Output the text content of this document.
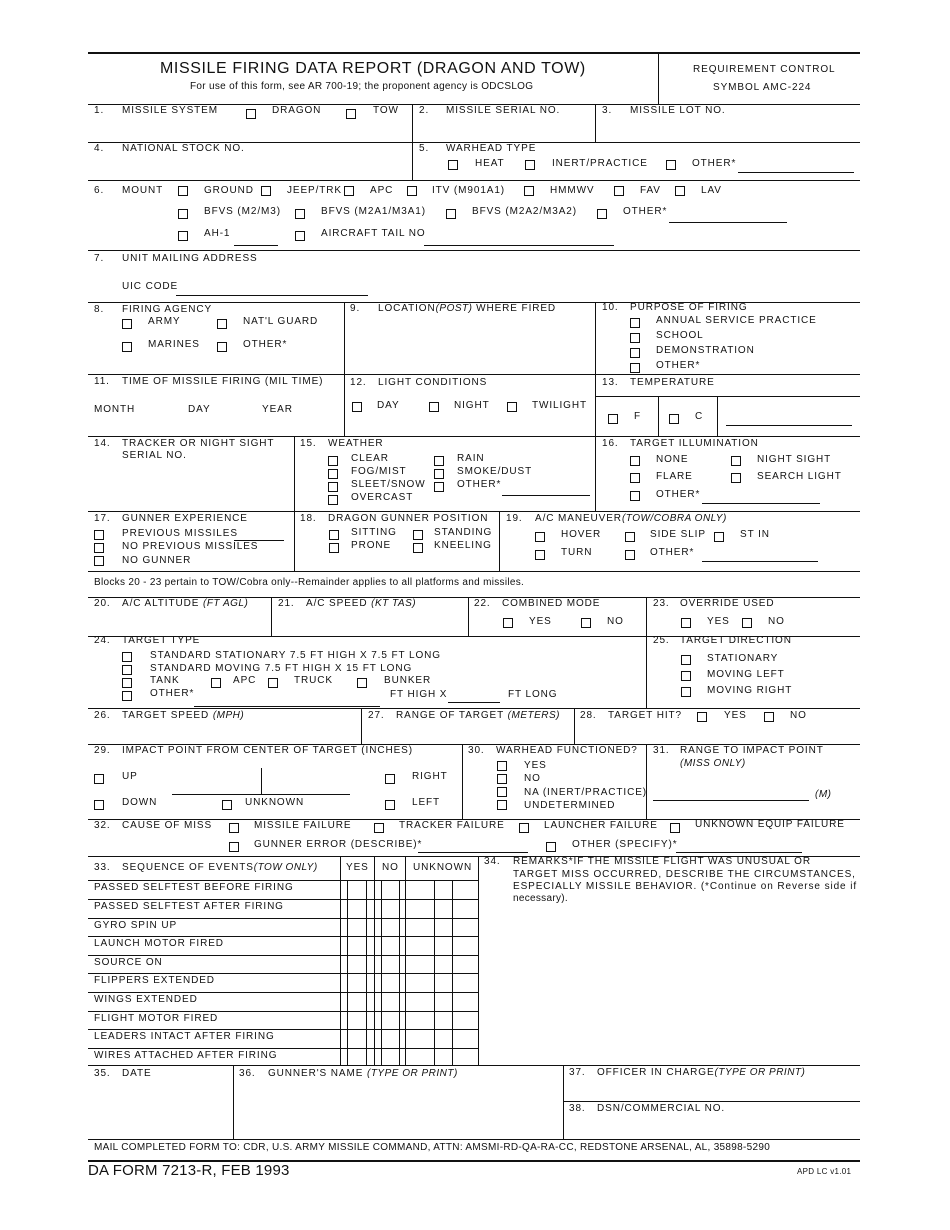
MISSILE FIRING DATA REPORT (DRAGON AND TOW)
For use of this form, see AR 700-19; the proponent agency is ODCSLOG
REQUIREMENT CONTROL
SYMBOL AMC-224
1. MISSILE SYSTEM	DRAGON	TOW 2. MISSILE SERIAL NO.	3. MISSILE LOT NO.
4. NATIONAL STOCK NO.	5. WARHEAD TYPE
HEAT	INERT/PRACTICE	OTHER*
6. MOUNT	GROUND	JEEP/TRK	APC	ITV (M901A1)	HMMWV	FAV	LAV
BFVS (M2/M3)	BFVS (M2A1/M3A1)	BFVS (M2A2/M3A2)	OTHER*
AH-1	AIRCRAFT TAIL NO
7. UNIT MAILING ADDRESS
UIC CODE
8. FIRING AGENCY
ARMY	NAT'L GUARD
MARINES	OTHER*
9. LOCATION(POST) WHERE FIRED	10. PURPOSE OF FIRING
ANNUAL SERVICE PRACTICE
SCHOOL
DEMONSTRATION
OTHER*
11. TIME OF MISSILE FIRING (MIL TIME)
MONTH	DAY	YEAR
12. LIGHT CONDITIONS
DAY	NIGHT	TWILIGHT
13. TEMPERATURE
F	C
14. TRACKER OR NIGHT SIGHT
SERIAL NO.
15. WEATHER
CLEAR
FOG/MIST
SLEET/SNOW
OVERCAST
RAIN
SMOKE/DUST
OTHER*
16. TARGET ILLUMINATION
NONE	NIGHT SIGHT
FLARE	SEARCH LIGHT
OTHER*
17. GUNNER EXPERIENCE
PREVIOUS MISSILES
NO PREVIOUS MISSILES
NO GUNNER
18. DRAGON GUNNER POSITION
SITTING
PRONE
STANDING
KNEELING
19. A/C MANEUVER(TOW/COBRA ONLY)
HOVER	SIDE SLIP	ST IN
TURN	OTHER*
Blocks 20 - 23 pertain to TOW/Cobra only--Remainder applies to all platforms and missiles.
20. A/C ALTITUDE (FT AGL)	21. A/C SPEED (KT TAS)	22. COMBINED MODE
YES	NO
23. OVERRIDE USED
YES	NO
24. TARGET TYPE
STANDARD STATIONARY 7.5 FT HIGH X 7.5 FT LONG
STANDARD MOVING 7.5 FT HIGH X 15 FT LONG
TANK	APC	TRUCK	BUNKER
OTHER*	FT HIGH X	FT LONG
25. TARGET DIRECTION
STATIONARY
MOVING LEFT
MOVING RIGHT
26. TARGET SPEED (MPH)	27. RANGE OF TARGET (METERS) 28. TARGET HIT?	YES	NO
29. IMPACT POINT FROM CENTER OF TARGET (INCHES)
UP
DOWN	UNKNOWN
RIGHT
LEFT
30. WARHEAD FUNCTIONED?
YES
NO
NA (INERT/PRACTICE)
UNDETERMINED
31. RANGE TO IMPACT POINT
(MISS ONLY)
(M)
32. CAUSE OF MISS	MISSILE FAILURE	TRACKER FAILURE	LAUNCHER FAILURE	UNKNOWN EQUIP FAILURE
GUNNER ERROR (DESCRIBE)*	OTHER (SPECIFY)*
33. SEQUENCE OF EVENTS(TOW ONLY)	YES NO UNKNOWN
PASSED SELFTEST BEFORE FIRING
PASSED SELFTEST AFTER FIRING
GYRO SPIN UP
LAUNCH MOTOR FIRED
SOURCE ON
FLIPPERS EXTENDED
WINGS EXTENDED
FLIGHT MOTOR FIRED
LEADERS INTACT AFTER FIRING
WIRES ATTACHED AFTER FIRING
34. REMARKS*IF THE MISSILE FLIGHT WAS UNUSUAL OR
TARGET MISS OCCURRED, DESCRIBE THE CIRCUMSTANCES,
ESPECIALLY MISSILE BEHAVIOR. (*Continue on Reverse side if
necessary).
35. DATE	36. GUNNER'S NAME (TYPE OR PRINT)	37. OFFICER IN CHARGE(TYPE OR PRINT)
38. DSN/COMMERCIAL NO.
MAIL COMPLETED FORM TO: CDR, U.S. ARMY MISSILE COMMAND, ATTN: AMSMI-RD-QA-RA-CC, REDSTONE ARSENAL, AL, 35898-5290
DA FORM 7213-R, FEB 1993	APD LC v1.01
